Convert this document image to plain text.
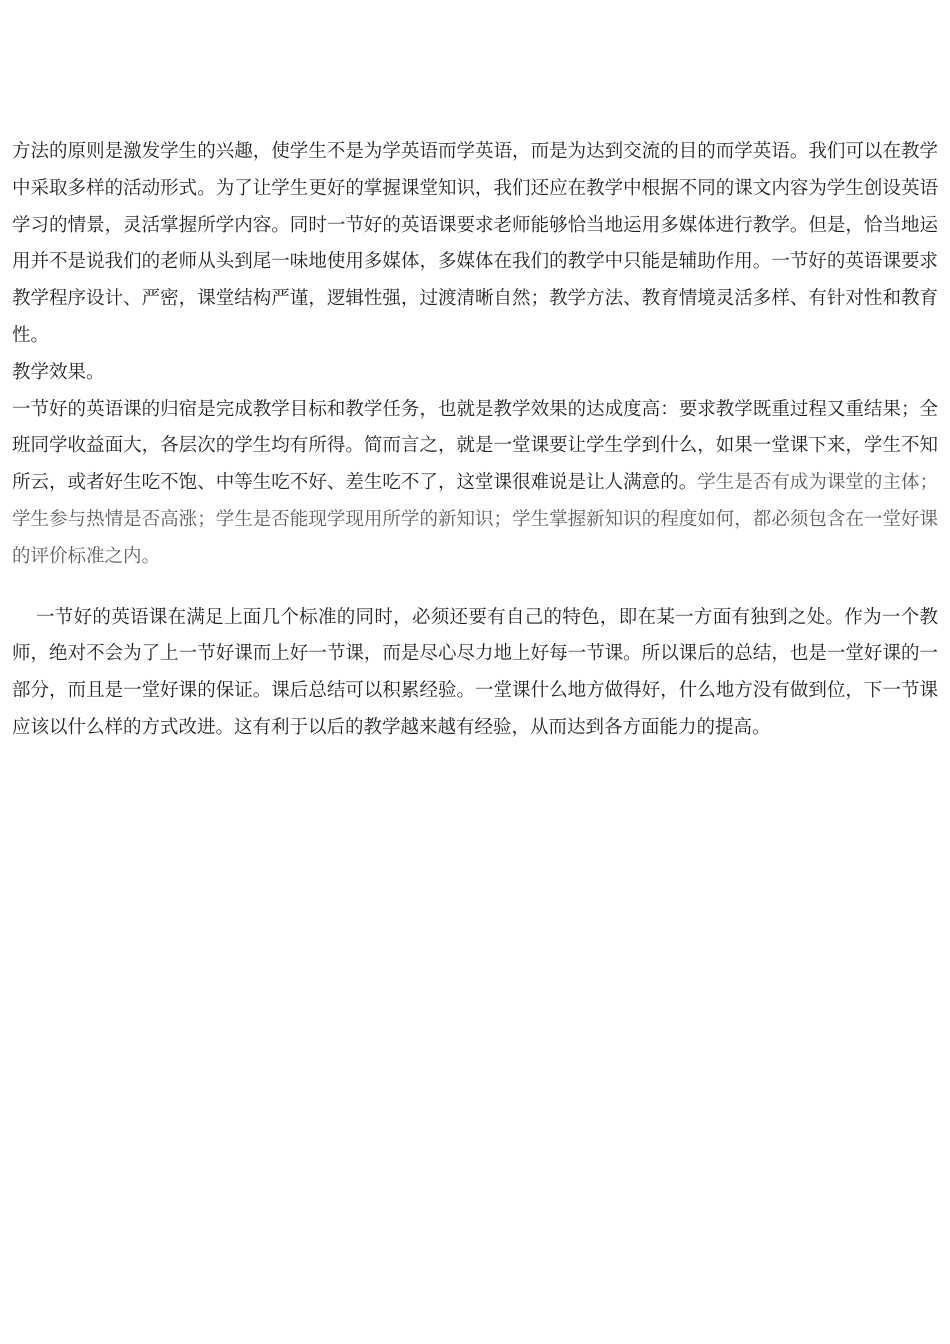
方法的原则是激发学生的兴趣，使学生不是为学英语而学英语，而是为达到交流的目的而学英语。我们可以在教学中采取多样的活动形式。为了让学生更好的掌握课堂知识，我们还应在教学中根据不同的课文内容为学生创设英语学习的情景，灵活掌握所学内容。同时一节好的英语课要求老师能够恰当地运用多媒体进行教学。但是，恰当地运用并不是说我们的老师从头到尾一味地使用多媒体，多媒体在我们的教学中只能是辅助作用。一节好的英语课要求教学程序设计、严密，课堂结构严谨，逻辑性强，过渡清晰自然；教学方法、教育情境灵活多样、有针对性和教育性。

教学效果。

一节好的英语课的归宿是完成教学目标和教学任务，也就是教学效果的达成度高：要求教学既重过程又重结果；全班同学收益面大，各层次的学生均有所得。简而言之，就是一堂课要让学生学到什么，如果一堂课下来，学生不知所云，或者好生吃不饱、中等生吃不好、差生吃不了，这堂课很难说是让人满意的。学生是否有成为课堂的主体；学生参与热情是否高涨；学生是否能现学现用所学的新知识；学生掌握新知识的程度如何，都必须包含在一堂好课的评价标准之内。

一节好的英语课在满足上面几个标准的同时，必须还要有自己的特色，即在某一方面有独到之处。作为一个教师，绝对不会为了上一节好课而上好一节课，而是尽心尽力地上好每一节课。所以课后的总结，也是一堂好课的一部分，而且是一堂好课的保证。课后总结可以积累经验。一堂课什么地方做得好，什么地方没有做到位，下一节课应该以什么样的方式改进。这有利于以后的教学越来越有经验，从而达到各方面能力的提高。
